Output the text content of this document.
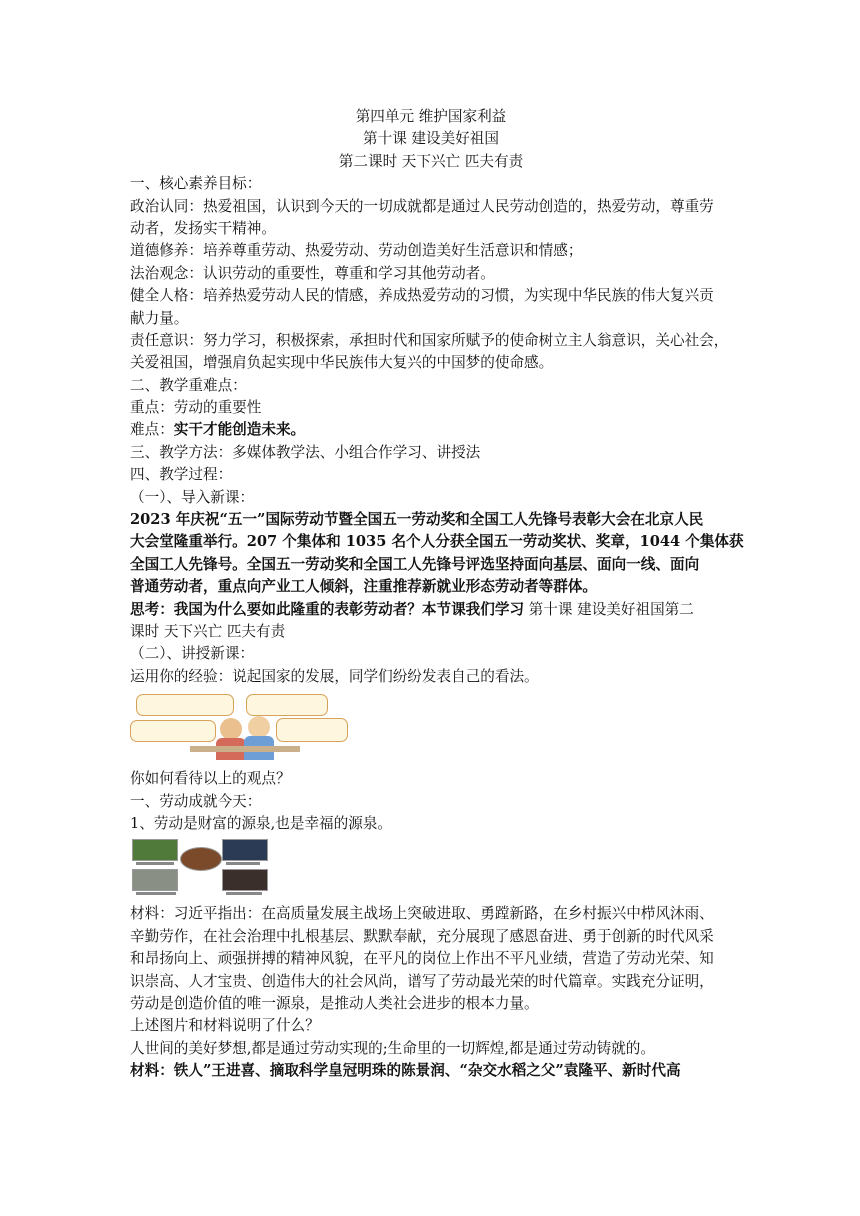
第四单元 维护国家利益
第十课 建设美好祖国
第二课时 天下兴亡 匹夫有责
一、核心素养目标：
政治认同：热爱祖国，认识到今天的一切成就都是通过人民劳动创造的，热爱劳动，尊重劳
动者，发扬实干精神。
道德修养：培养尊重劳动、热爱劳动、劳动创造美好生活意识和情感；
法治观念：认识劳动的重要性，尊重和学习其他劳动者。
健全人格：培养热爱劳动人民的情感，养成热爱劳动的习惯，为实现中华民族的伟大复兴贡
献力量。
责任意识：努力学习，积极探索，承担时代和国家所赋予的使命树立主人翁意识，关心社会，
关爱祖国，增强肩负起实现中华民族伟大复兴的中国梦的使命感。
二、教学重难点：
重点：劳动的重要性
难点：实干才能创造未来。
三、教学方法：多媒体教学法、小组合作学习、讲授法
四、教学过程：
（一）、导入新课：
2023 年庆祝“五一”国际劳动节暨全国五一劳动奖和全国工人先锋号表彰大会在北京人民
大会堂隆重举行。207 个集体和 1035 名个人分获全国五一劳动奖状、奖章，1044 个集体获
全国工人先锋号。全国五一劳动奖和全国工人先锋号评选坚持面向基层、面向一线、面向
普通劳动者，重点向产业工人倾斜，注重推荐新就业形态劳动者等群体。
思考：我国为什么要如此隆重的表彰劳动者？本节课我们学习 第十课 建设美好祖国第二
课时 天下兴亡 匹夫有责
（二）、讲授新课：
运用你的经验：说起国家的发展，同学们纷纷发表自己的看法。
你如何看待以上的观点？
一、劳动成就今天：
1、劳动是财富的源泉,也是幸福的源泉。
材料：习近平指出：在高质量发展主战场上突破进取、勇蹚新路，在乡村振兴中栉风沐雨、
辛勤劳作，在社会治理中扎根基层、默默奉献，充分展现了感恩奋进、勇于创新的时代风采
和昂扬向上、顽强拼搏的精神风貌，在平凡的岗位上作出不平凡业绩，营造了劳动光荣、知
识崇高、人才宝贵、创造伟大的社会风尚，谱写了劳动最光荣的时代篇章。实践充分证明，
劳动是创造价值的唯一源泉，是推动人类社会进步的根本力量。
上述图片和材料说明了什么？
人世间的美好梦想,都是通过劳动实现的;生命里的一切辉煌,都是通过劳动铸就的。
材料：铁人”王进喜、摘取科学皇冠明珠的陈景润、“杂交水稻之父”袁隆平、新时代高
